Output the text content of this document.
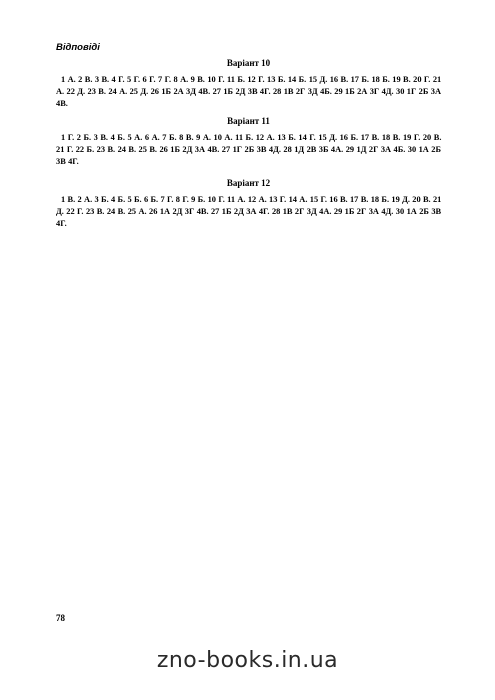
Відповіді
Варіант 10

1 А. 2 В. 3 В. 4 Г. 5 Г. 6 Г. 7 Г. 8 А. 9 В. 10 Г. 11 Б. 12 Г. 13 Б. 14 Б. 15 Д. 16 В. 17 Б. 18 Б. 19 В. 20 Г. 21 А. 22 Д. 23 В. 24 А. 25 Д. 26 1Б 2А 3Д 4В. 27 1Б 2Д 3В 4Г. 28 1В 2Г 3Д 4Б. 29 1Б 2А 3Г 4Д. 30 1Г 2Б 3А 4В.

Варіант 11

1 Г. 2 Б. 3 В. 4 Б. 5 А. 6 А. 7 Б. 8 В. 9 А. 10 А. 11 Б. 12 А. 13 Б. 14 Г. 15 Д. 16 Б. 17 В. 18 В. 19 Г. 20 В. 21 Г. 22 Б. 23 В. 24 В. 25 В. 26 1Б 2Д 3А 4В. 27 1Г 2Б 3В 4Д. 28 1Д 2В 3Б 4А. 29 1Д 2Г 3А 4Б. 30 1А 2Б 3В 4Г.

Варіант 12

1 В. 2 А. 3 Б. 4 Б. 5 Б. 6 Б. 7 Г. 8 Г. 9 Б. 10 Г. 11 А. 12 А. 13 Г. 14 А. 15 Г. 16 В. 17 В. 18 Б. 19 Д. 20 В. 21 Д. 22 Г. 23 В. 24 В. 25 А. 26 1А 2Д 3Г 4В. 27 1Б 2Д 3А 4Г. 28 1В 2Г 3Д 4А. 29 1Б 2Г 3А 4Д. 30 1А 2Б 3В 4Г.

78
zno-books.in.ua
